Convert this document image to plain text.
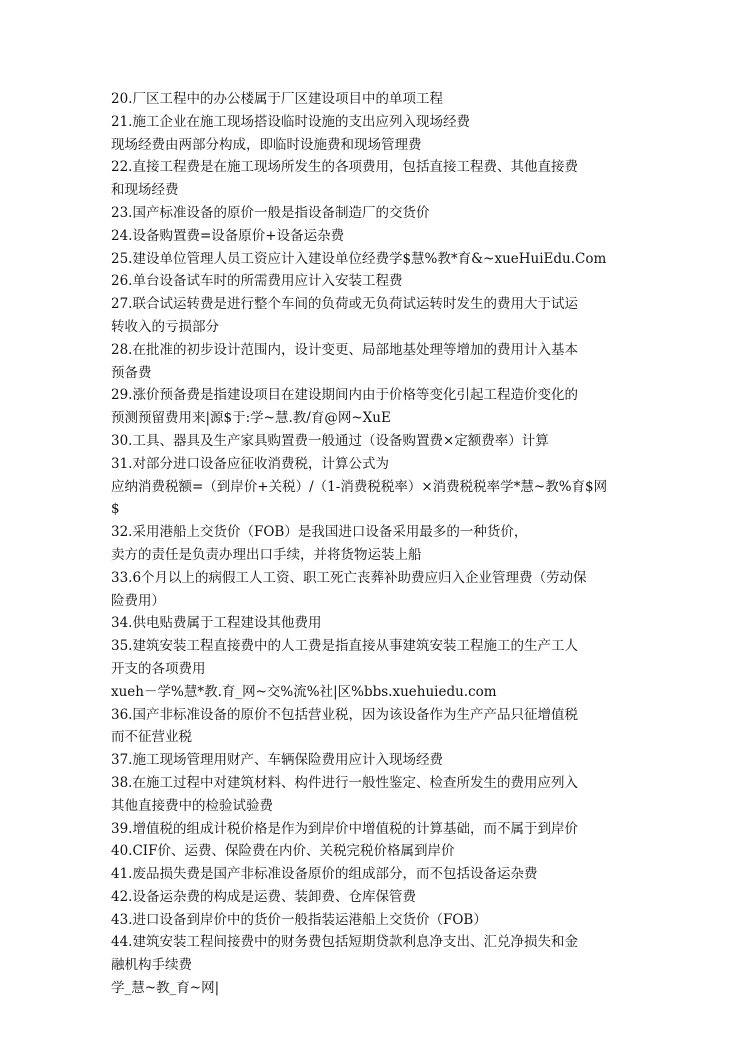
20.厂区工程中的办公楼属于厂区建设项目中的单项工程
21.施工企业在施工现场搭设临时设施的支出应列入现场经费
现场经费由两部分构成，即临时设施费和现场管理费
22.直接工程费是在施工现场所发生的各项费用，包括直接工程费、其他直接费
和现场经费
23.国产标准设备的原价一般是指设备制造厂的交货价
24.设备购置费=设备原价+设备运杂费
25.建设单位管理人员工资应计入建设单位经费学$慧%教*育&~xueHuiEdu.Com
26.单台设备试车时的所需费用应计入安装工程费
27.联合试运转费是进行整个车间的负荷或无负荷试运转时发生的费用大于试运
转收入的亏损部分
28.在批准的初步设计范围内，设计变更、局部地基处理等增加的费用计入基本
预备费
29.涨价预备费是指建设项目在建设期间内由于价格等变化引起工程造价变化的
预测预留费用来|源$于:学~慧.教/育@网~XuE
30.工具、器具及生产家具购置费一般通过（设备购置费×定额费率）计算
31.对部分进口设备应征收消费税，计算公式为
应纳消费税额=（到岸价+关税）/（1-消费税税率）×消费税税率学*慧~教%育$网
$
32.采用港船上交货价（FOB）是我国进口设备采用最多的一种货价，
卖方的责任是负责办理出口手续，并将货物运装上船
33.6个月以上的病假工人工资、职工死亡丧葬补助费应归入企业管理费（劳动保
险费用）
34.供电贴费属于工程建设其他费用
35.建筑安装工程直接费中的人工费是指直接从事建筑安装工程施工的生产工人
开支的各项费用
xueh－学%慧*教.育_网~交%流%社|区%bbs.xuehuiedu.com
36.国产非标准设备的原价不包括营业税，因为该设备作为生产产品只征增值税
而不征营业税
37.施工现场管理用财产、车辆保险费用应计入现场经费
38.在施工过程中对建筑材料、构件进行一般性鉴定、检查所发生的费用应列入
其他直接费中的检验试验费
39.增值税的组成计税价格是作为到岸价中增值税的计算基础，而不属于到岸价
40.CIF价、运费、保险费在内价、关税完税价格属到岸价
41.废品损失费是国产非标准设备原价的组成部分，而不包括设备运杂费
42.设备运杂费的构成是运费、装卸费、仓库保管费
43.进口设备到岸价中的货价一般指装运港船上交货价（FOB）
44.建筑安装工程间接费中的财务费包括短期贷款利息净支出、汇兑净损失和金
融机构手续费
学_慧~教_育~网|
